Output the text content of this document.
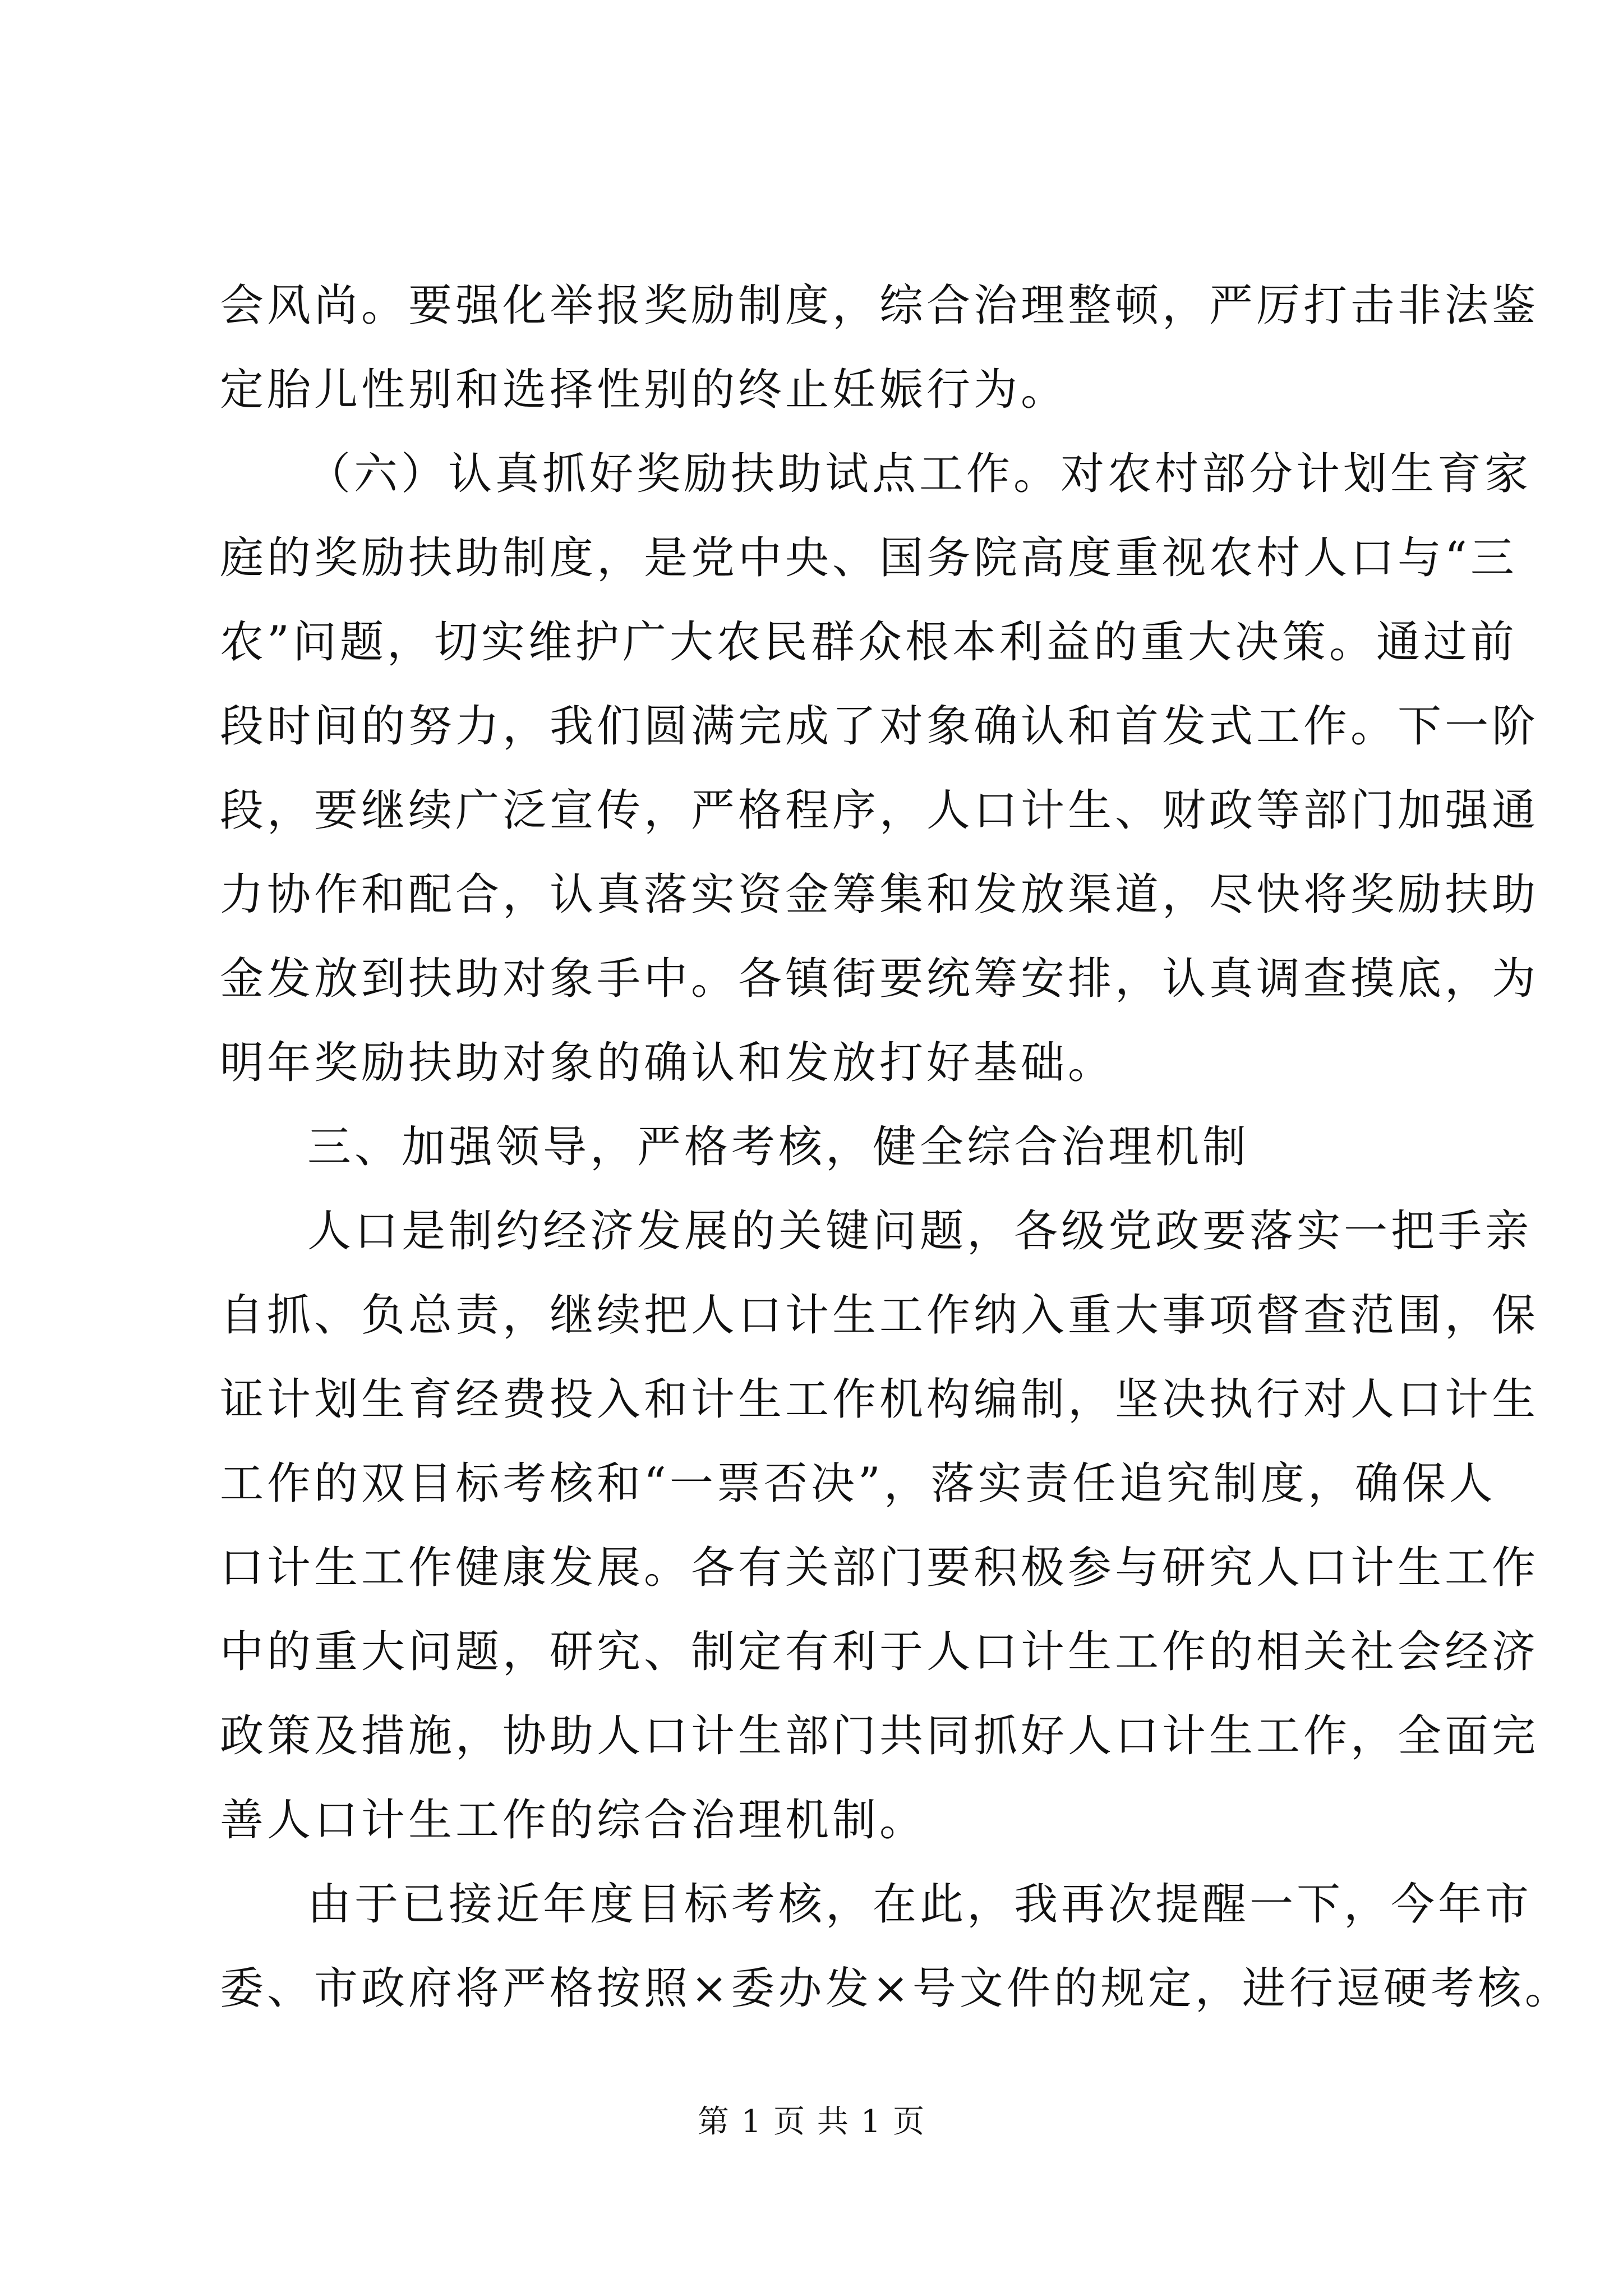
会风尚。要强化举报奖励制度，综合治理整顿，严厉打击非法鉴
定胎儿性别和选择性别的终止妊娠行为。
（六）认真抓好奖励扶助试点工作。对农村部分计划生育家
庭的奖励扶助制度，是党中央、国务院高度重视农村人口与“三
农”问题，切实维护广大农民群众根本利益的重大决策。通过前
段时间的努力，我们圆满完成了对象确认和首发式工作。下一阶
段，要继续广泛宣传，严格程序，人口计生、财政等部门加强通
力协作和配合，认真落实资金筹集和发放渠道，尽快将奖励扶助
金发放到扶助对象手中。各镇街要统筹安排，认真调查摸底，为
明年奖励扶助对象的确认和发放打好基础。
三、加强领导，严格考核，健全综合治理机制
人口是制约经济发展的关键问题，各级党政要落实一把手亲
自抓、负总责，继续把人口计生工作纳入重大事项督查范围，保
证计划生育经费投入和计生工作机构编制，坚决执行对人口计生
工作的双目标考核和“一票否决”，落实责任追究制度，确保人
口计生工作健康发展。各有关部门要积极参与研究人口计生工作
中的重大问题，研究、制定有利于人口计生工作的相关社会经济
政策及措施，协助人口计生部门共同抓好人口计生工作，全面完
善人口计生工作的综合治理机制。
由于已接近年度目标考核，在此，我再次提醒一下，今年市
委、市政府将严格按照×委办发×号文件的规定，进行逗硬考核。
第 1 页 共 1 页
